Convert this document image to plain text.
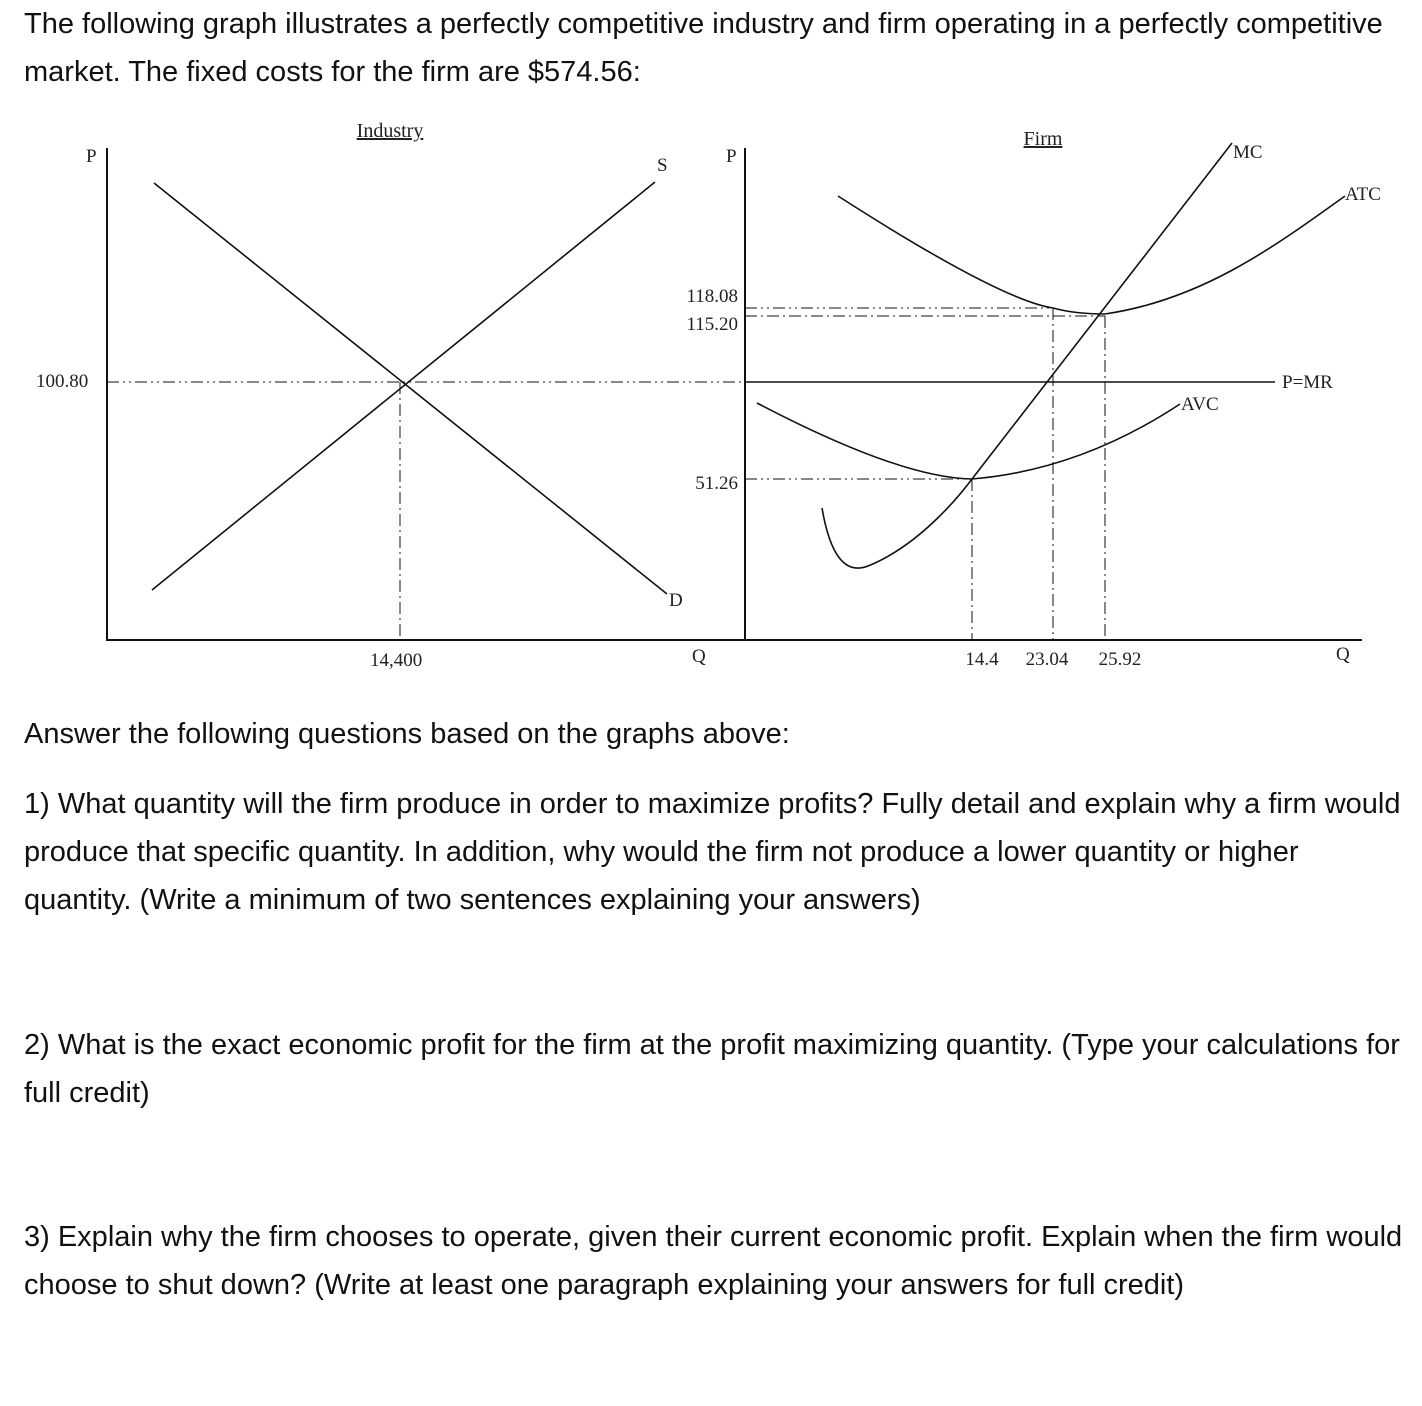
The following graph illustrates a perfectly competitive industry and firm operating in a perfectly competitive market. The fixed costs for the firm are $574.56:

Industry
P
Q
S
D
100.80
14,400
Firm
P
Q
P=MR
ATC
AVC
MC
118.08
115.20
51.26
14.4 23.04 25.92

Answer the following questions based on the graphs above:

1) What quantity will the firm produce in order to maximize profits? Fully detail and explain why a firm would produce that specific quantity. In addition, why would the firm not produce a lower quantity or higher quantity. (Write a minimum of two sentences explaining your answers)

2) What is the exact economic profit for the firm at the profit maximizing quantity. (Type your calculations for full credit)

3) Explain why the firm chooses to operate, given their current economic profit. Explain when the firm would choose to shut down? (Write at least one paragraph explaining your answers for full credit)
